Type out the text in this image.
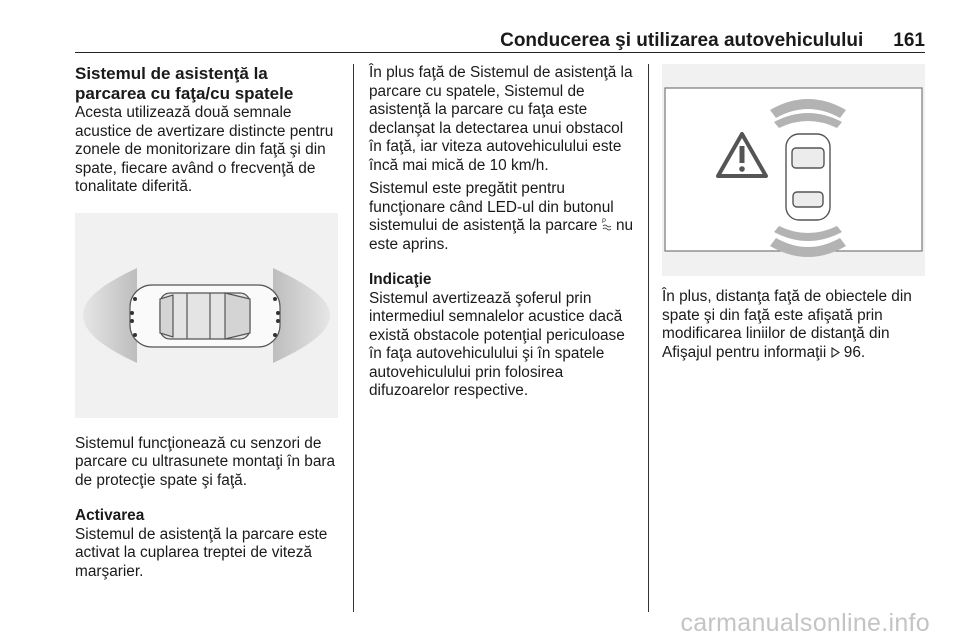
Conducerea şi utilizarea autovehiculului 161

Sistemul de asistenţă la parcarea cu faţa/cu spatele

Acesta utilizează două semnale acustice de avertizare distincte pentru zonele de monitorizare din faţă şi din spate, fiecare având o frecvenţă de tonalitate diferită.

Sistemul funcţionează cu senzori de parcare cu ultrasunete montaţi în bara de protecţie spate şi faţă.

Activarea

Sistemul de asistenţă la parcare este activat la cuplarea treptei de viteză marşarier.

În plus faţă de Sistemul de asistenţă la parcare cu spatele, Sistemul de asistenţă la parcare cu faţa este declanşat la detectarea unui obstacol în faţă, iar viteza autovehiculului este încă mai mică de 10 km/h.

Sistemul este pregătit pentru funcţionare când LED-ul din butonul sistemului de asistenţă la parcare P nu este aprins.

Indicaţie

Sistemul avertizează şoferul prin intermediul semnalelor acustice dacă există obstacole potenţial periculoase în faţa autovehiculului şi în spatele autovehiculului prin folosirea difuzoarelor respective.

În plus, distanţa faţă de obiectele din spate şi din faţă este afişată prin modificarea liniilor de distanţă din Afişajul pentru informaţii  96.

carmanualsonline.info
